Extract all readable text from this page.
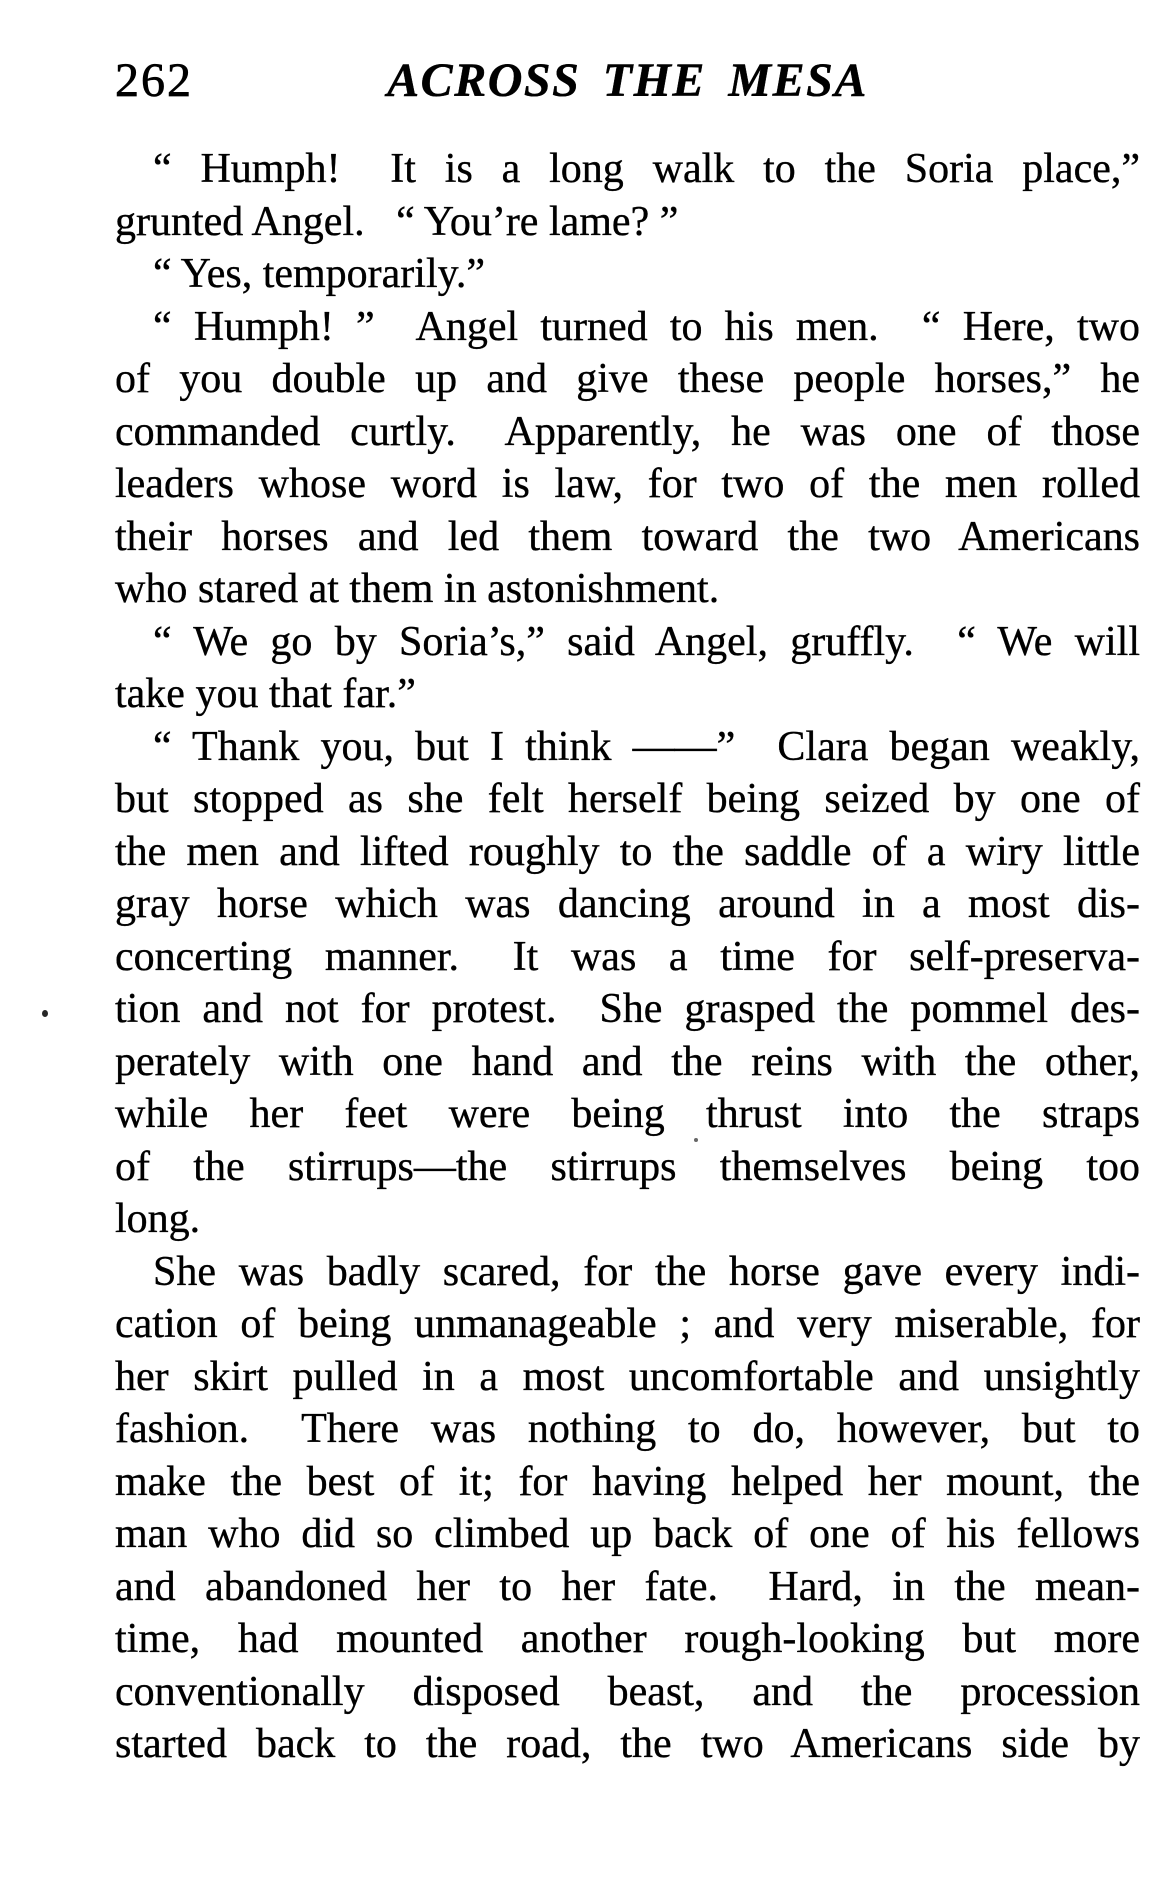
262	ACROSS THE MESA
“ Humph!  It is a long walk to the Soria place,”
grunted Angel.  “ You’re lame? ”
“ Yes, temporarily.”
“ Humph! ”  Angel turned to his men.  “ Here, two
of you double up and give these people horses,” he
commanded curtly.  Apparently, he was one of those
leaders whose word is law, for two of the men rolled
their horses and led them toward the two Americans
who stared at them in astonishment.
“ We go by Soria’s,” said Angel, gruffly.  “ We will
take you that far.”
“ Thank you, but I think ——”  Clara began weakly,
but stopped as she felt herself being seized by one of
the men and lifted roughly to the saddle of a wiry little
gray horse which was dancing around in a most dis-
concerting manner.  It was a time for self-preserva-
tion and not for protest.  She grasped the pommel des-
perately with one hand and the reins with the other,
while her feet were being thrust into the straps
of the stirrups—the stirrups themselves being too
long.
She was badly scared, for the horse gave every indi-
cation of being unmanageable ; and very miserable, for
her skirt pulled in a most uncomfortable and unsightly
fashion.  There was nothing to do, however, but to
make the best of it; for having helped her mount, the
man who did so climbed up back of one of his fellows
and abandoned her to her fate.  Hard, in the mean-
time, had mounted another rough-looking but more
conventionally disposed beast, and the procession
started back to the road, the two Americans side by
